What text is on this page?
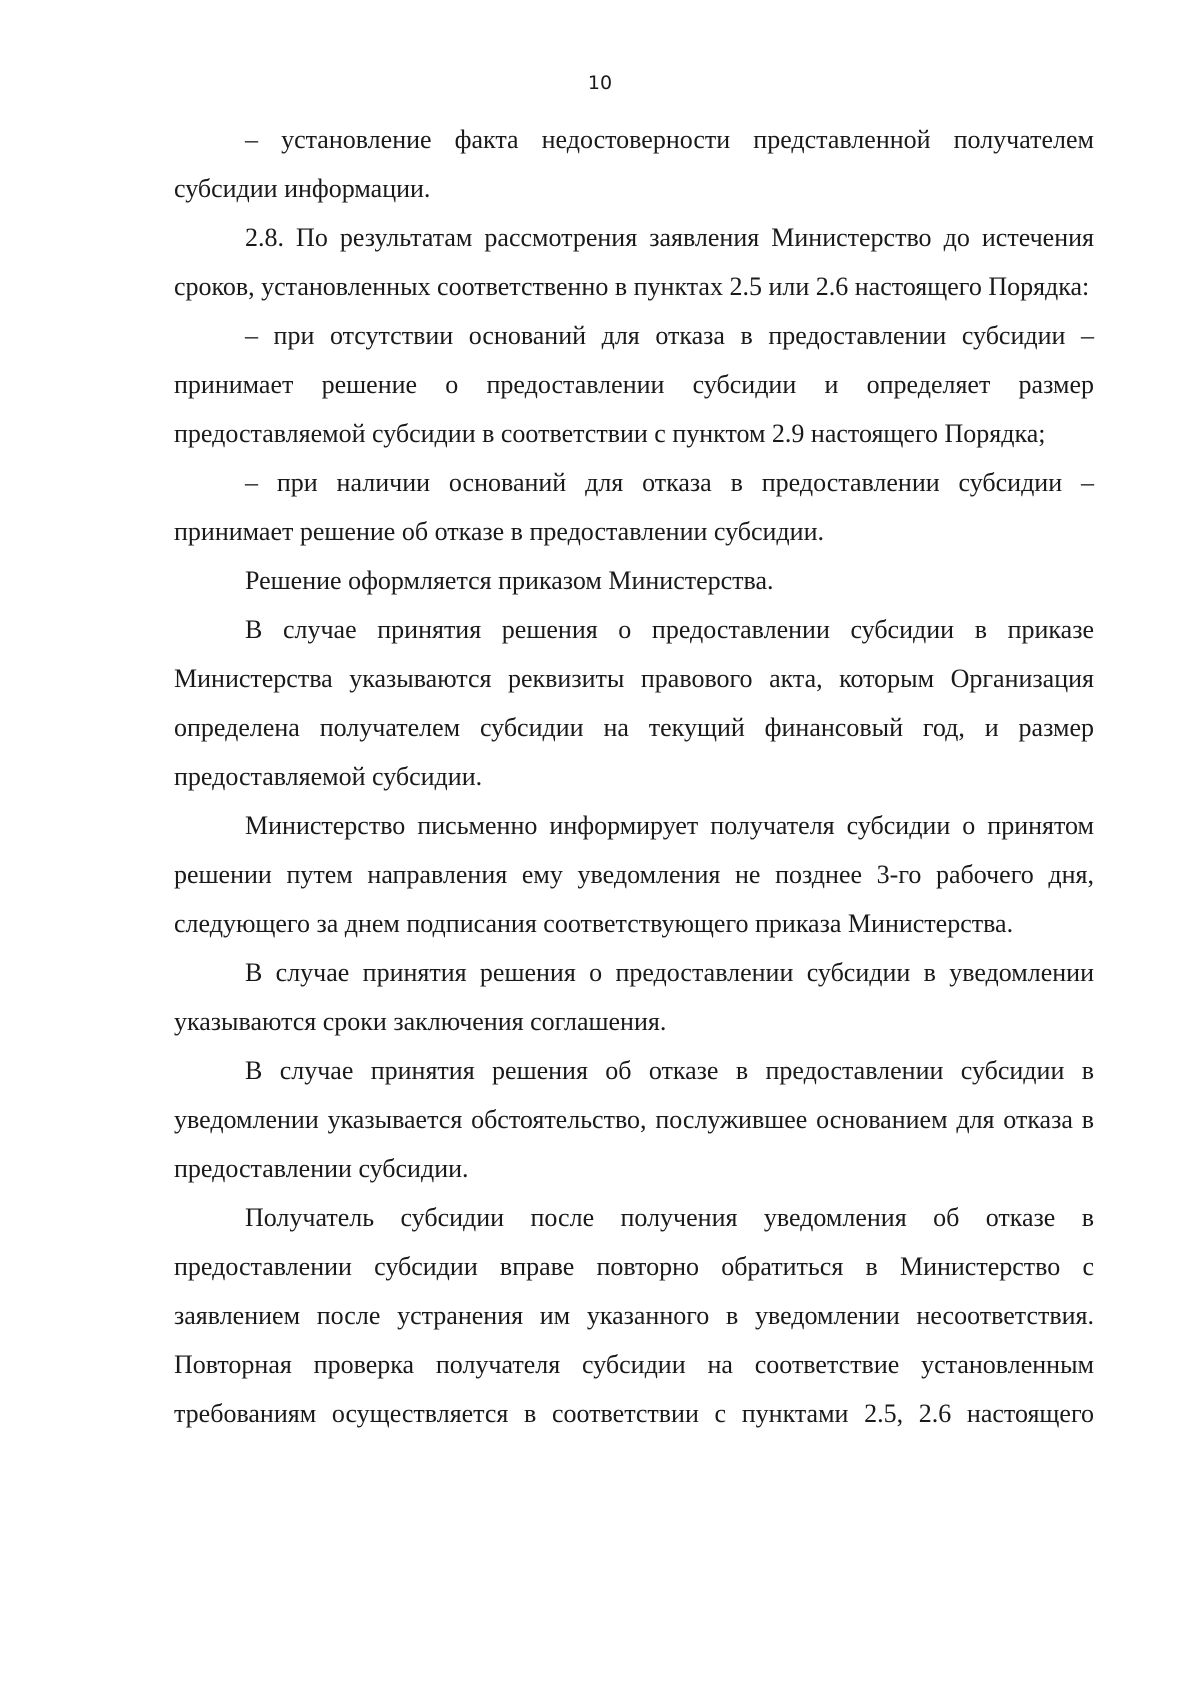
10

– установление факта недостоверности представленной получателем субсидии информации.

2.8. По результатам рассмотрения заявления Министерство до истечения сроков, установленных соответственно в пунктах 2.5 или 2.6 настоящего Порядка:

– при отсутствии оснований для отказа в предоставлении субсидии – принимает решение о предоставлении субсидии и определяет размер предоставляемой субсидии в соответствии с пунктом 2.9 настоящего Порядка;

– при наличии оснований для отказа в предоставлении субсидии – принимает решение об отказе в предоставлении субсидии.

Решение оформляется приказом Министерства.

В случае принятия решения о предоставлении субсидии в приказе Министерства указываются реквизиты правового акта, которым Организация определена получателем субсидии на текущий финансовый год, и размер предоставляемой субсидии.

Министерство письменно информирует получателя субсидии о принятом решении путем направления ему уведомления не позднее 3-го рабочего дня, следующего за днем подписания соответствующего приказа Министерства.

В случае принятия решения о предоставлении субсидии в уведомлении указываются сроки заключения соглашения.

В случае принятия решения об отказе в предоставлении субсидии в уведомлении указывается обстоятельство, послужившее основанием для отказа в предоставлении субсидии.

Получатель субсидии после получения уведомления об отказе в предоставлении субсидии вправе повторно обратиться в Министерство с заявлением после устранения им указанного в уведомлении несоответствия. Повторная проверка получателя субсидии на соответствие установленным требованиям осуществляется в соответствии с пунктами 2.5, 2.6 настоящего
